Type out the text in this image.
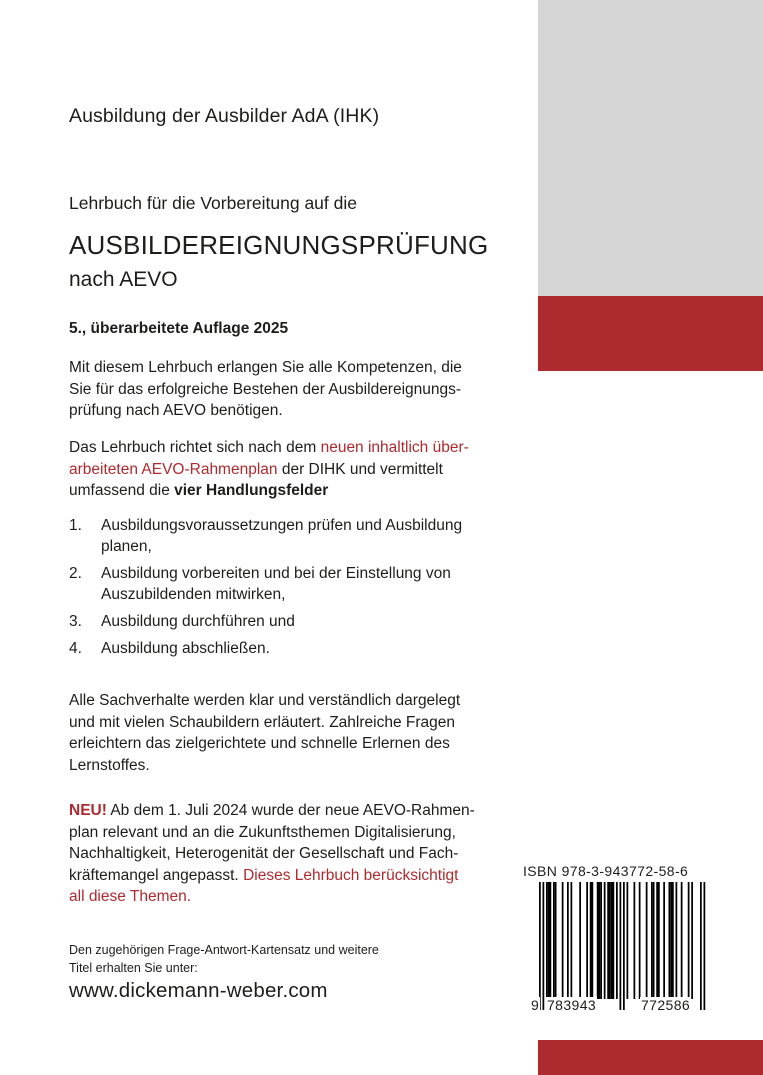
Ausbildung der Ausbilder AdA (IHK)
Lehrbuch für die Vorbereitung auf die
AUSBILDEREIGNUNGSPRÜFUNG
nach AEVO
5., überarbeitete Auflage 2025
Mit diesem Lehrbuch erlangen Sie alle Kompetenzen, die
Sie für das erfolgreiche Bestehen der Ausbildereignungs-
prüfung nach AEVO benötigen.
Das Lehrbuch richtet sich nach dem neuen inhaltlich über-
arbeiteten AEVO-Rahmenplan der DIHK und vermittelt
umfassend die vier Handlungsfelder
1. Ausbildungsvoraussetzungen prüfen und Ausbildung
planen,
2. Ausbildung vorbereiten und bei der Einstellung von
Auszubildenden mitwirken,
3. Ausbildung durchführen und
4. Ausbildung abschließen.
Alle Sachverhalte werden klar und verständlich dargelegt
und mit vielen Schaubildern erläutert. Zahlreiche Fragen
erleichtern das zielgerichtete und schnelle Erlernen des
Lernstoffes.
NEU! Ab dem 1. Juli 2024 wurde der neue AEVO-Rahmen-
plan relevant und an die Zukunftsthemen Digitalisierung,
Nachhaltigkeit, Heterogenität der Gesellschaft und Fach-
kräftemangel angepasst. Dieses Lehrbuch berücksichtigt
all diese Themen.
Den zugehörigen Frage-Antwort-Kartensatz und weitere
Titel erhalten Sie unter:
www.dickemann-weber.com
ISBN 978-3-943772-58-6
9 783943	772586
